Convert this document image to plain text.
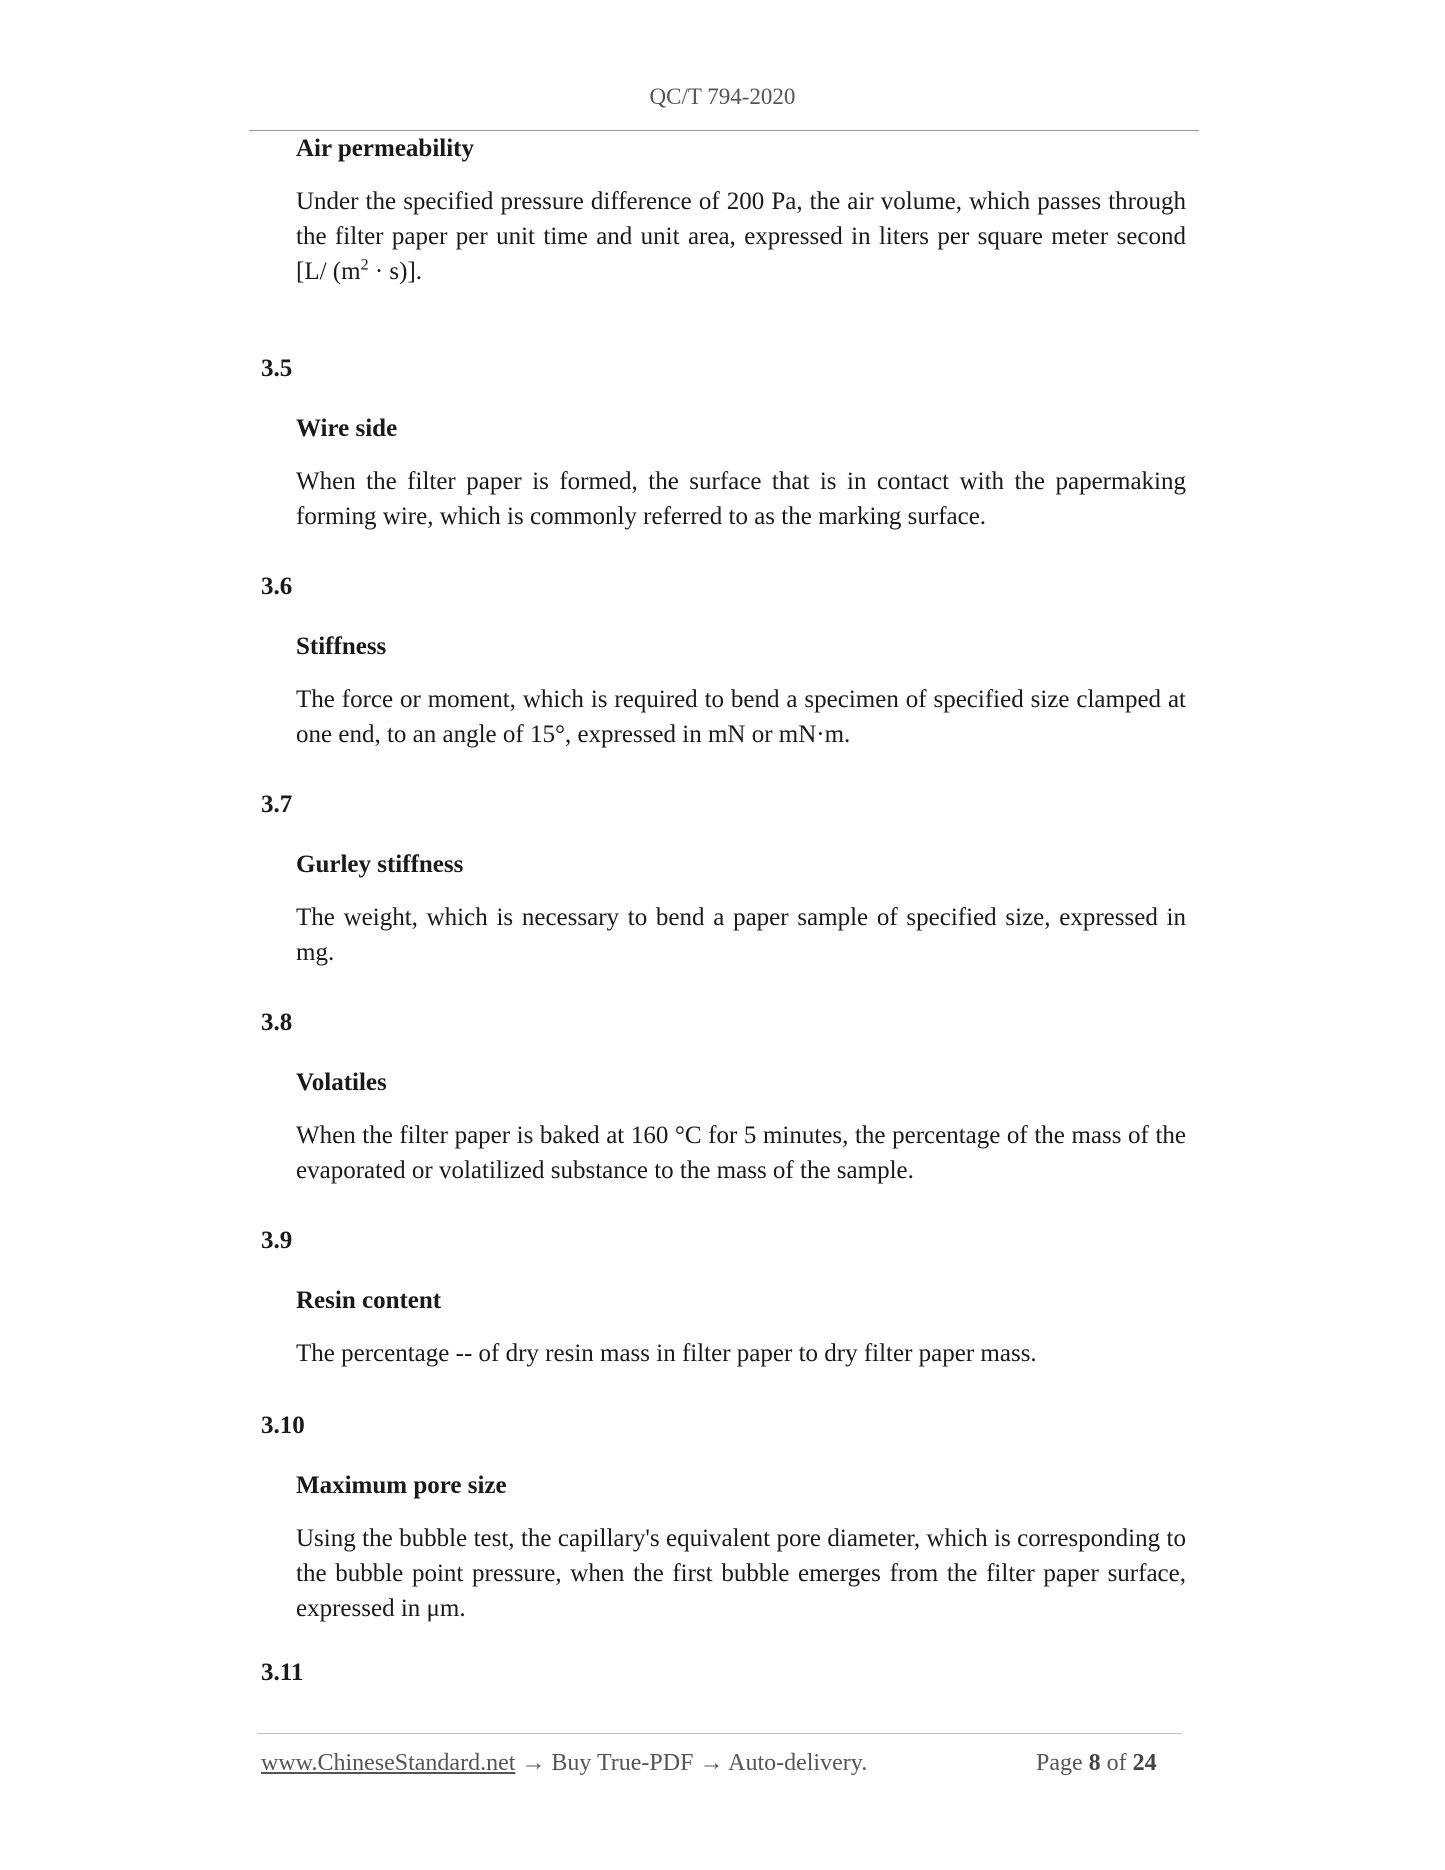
QC/T 794-2020

Air permeability

Under the specified pressure difference of 200 Pa, the air volume, which passes through the filter paper per unit time and unit area, expressed in liters per square meter second [L/ $(m^2 \cdot s)$].

3.5

Wire side

When the filter paper is formed, the surface that is in contact with the papermaking forming wire, which is commonly referred to as the marking surface.

3.6

Stiffness

The force or moment, which is required to bend a specimen of specified size clamped at one end, to an angle of 15°, expressed in mN or mN·m.

3.7

Gurley stiffness

The weight, which is necessary to bend a paper sample of specified size, expressed in mg.

3.8

Volatiles

When the filter paper is baked at 160 °C for 5 minutes, the percentage of the mass of the evaporated or volatilized substance to the mass of the sample.

3.9

Resin content

The percentage -- of dry resin mass in filter paper to dry filter paper mass.

3.10

Maximum pore size

Using the bubble test, the capillary's equivalent pore diameter, which is corresponding to the bubble point pressure, when the first bubble emerges from the filter paper surface, expressed in μm.

3.11

www.ChineseStandard.net → Buy True-PDF → Auto-delivery.	Page 8 of 24
